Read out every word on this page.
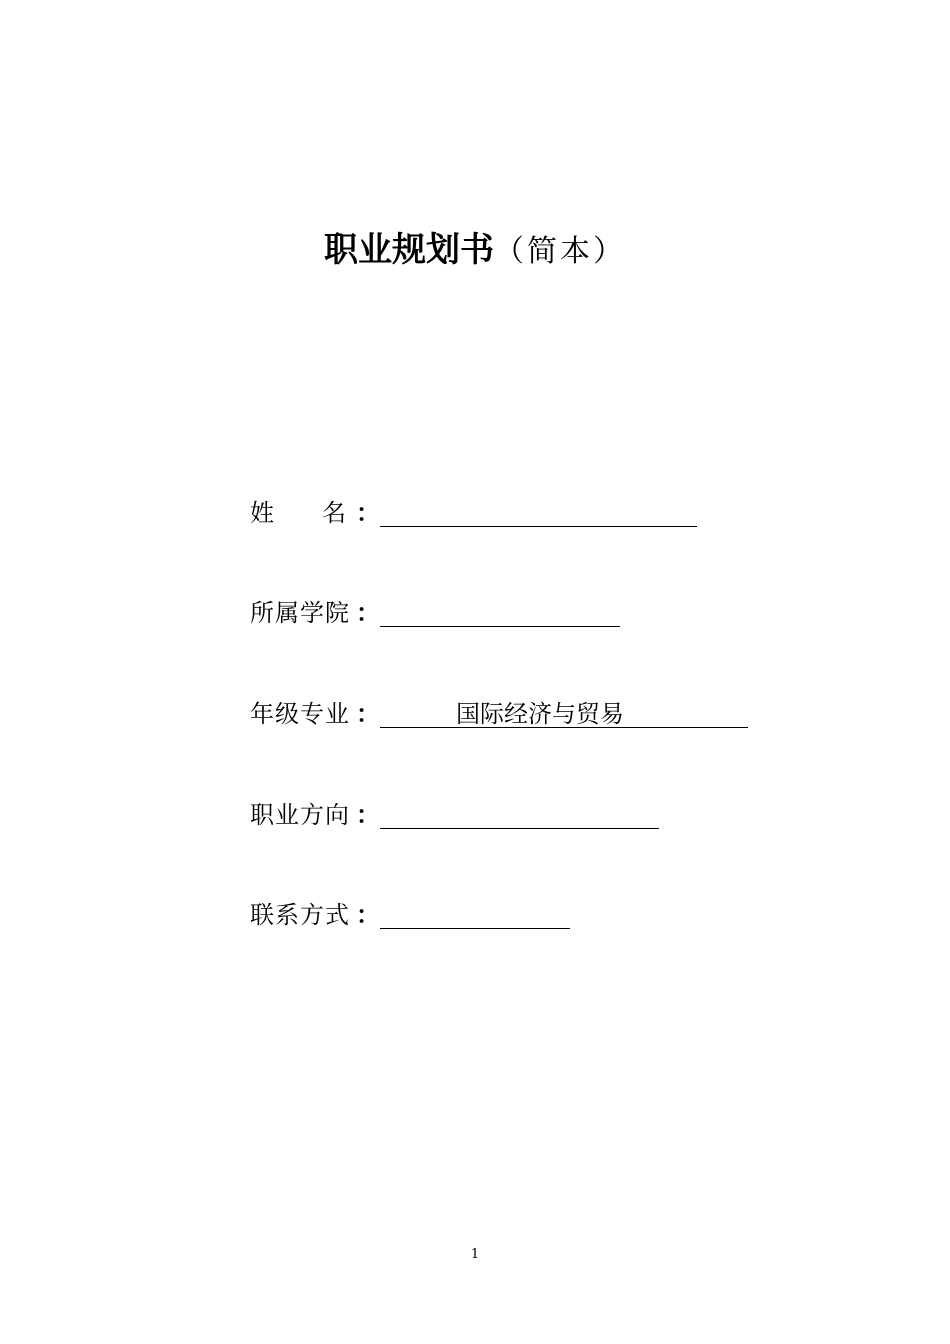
职业规划书（简本）
姓 名 ：
所属学院 ：
年级专业 ：	国际经济与贸易
职业方向 ：
联系方式 ：
1
